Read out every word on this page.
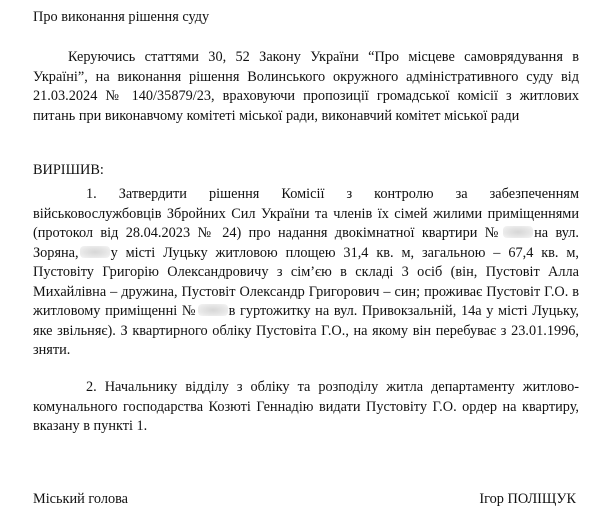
Про виконання рішення суду

Керуючись статтями 30, 52 Закону України “Про місцеве самоврядування в Україні”, на виконання рішення Волинського окружного адміністративного суду від 21.03.2024 № 140/35879/23, враховуючи пропозиції громадської комісії з житлових питань при виконавчому комітеті міської ради, виконавчий комітет міської ради

ВИРІШИВ:

1. Затвердити рішення Комісії з контролю за забезпеченням військовослужбовців Збройних Сил України та членів їх сімей жилими приміщеннями (протокол від 28.04.2023 № 24) про надання двокімнатної квартири № на вул. Зоряна, у місті Луцьку житловою площею 31,4 кв. м, загальною – 67,4 кв. м, Пустовіту Григорію Олександровичу з сім’єю в складі 3 осіб (він, Пустовіт Алла Михайлівна – дружина, Пустовіт Олександр Григорович – син; проживає Пустовіт Г.О. в житловому приміщенні № в гуртожитку на вул. Привокзальній, 14а у місті Луцьку, яке звільняє). З квартирного обліку Пустовіта Г.О., на якому він перебуває з 23.01.1996, зняти.

2. Начальнику відділу з обліку та розподілу житла департаменту житлово-комунального господарства Козюті Геннадію видати Пустовіту Г.О. ордер на квартиру, вказану в пункті 1.

Міський голова	Ігор ПОЛІЩУК
